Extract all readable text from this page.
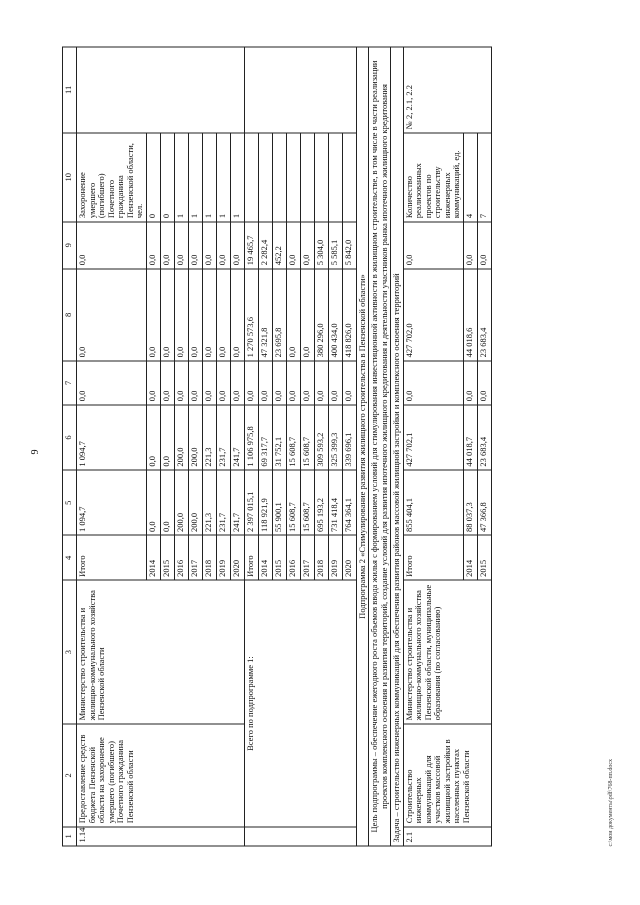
9
1	2	3	4	5	6	7	8	9	10	11
1.14	Предоставление средств бюджета Пензенской области на захоронение умершего (погибшего) Почетного гражданина Пензенской области	Министерство строительства и жилищно-коммунального хозяйства Пензенской области	Итого	1 094,7	1 094,7	0,0	0,0	0,0	Захоронение умершего (погибшего) Почетного гражданина Пензенской области, чел.	
			2014	0,0	0,0	0,0	0,0	0,0	0	
			2015	0,0	0,0	0,0	0,0	0,0	0	
			2016	200,0	200,0	0,0	0,0	0,0	1	
			2017	200,0	200,0	0,0	0,0	0,0	1	
			2018	221,3	221,3	0,0	0,0	0,0	1	
			2019	231,7	231,7	0,0	0,0	0,0	1	
			2020	241,7	241,7	0,0	0,0	0,0	1	
	Всего по подпрограмме 1:		Итого	2 397 015,1	1 106 975,8	0,0	1 270 573,6	19 465,7		
			2014	118 921,9	69 317,7	0,0	47 321,8	2 282,4		
			2015	55 900,1	31 752,1	0,0	23 695,8	452,2		
			2016	15 608,7	15 608,7	0,0	0,0	0,0		
			2017	15 608,7	15 608,7	0,0	0,0	0,0		
			2018	695 193,2	309 593,2	0,0	380 296,0	5 304,0		
			2019	731 418,4	325 399,3	0,0	400 434,0	5 585,1		
			2020	764 364,1	339 696,1	0,0	418 826,0	5 842,0		
Подпрограмма 2 «Стимулирование развития жилищного строительства в Пензенской области»										
Цель подпрограммы – обеспечение ежегодного роста объемов ввода жилья с формированием условий для стимулирования инвестиционной активности в жилищном строительстве, в том числе в части реализации проектов комплексного освоения и развития территорий, создание условий для развития ипотечного жилищного кредитования и деятельности участников рынка ипотечного жилищного кредитования										
Задача – строительство инженерных коммуникаций для обеспечения развития районов массовой жилищной застройки и комплексного освоения территорий										
2.1	Строительство инженерных коммуникаций для участков массовой жилищной застройки в населенных пунктах Пензенской области	Министерство строительства и жилищно-коммунального хозяйства Пензенской области, муниципальные образования (по согласованию)	Итого	855 404,1	427 702,1	0,0	427 702,0	0,0	Количество реализованных проектов по строительству инженерных коммуникаций, ед.	№ 2, 2.1, 2.2
			2014	88 037,3	44 018,7	0,0	44 018,6	0,0	4	
			2015	47 366,8	23 683,4	0,0	23 683,4	0,0	7	
c:\мои документы\pdf\768-пп.docx
